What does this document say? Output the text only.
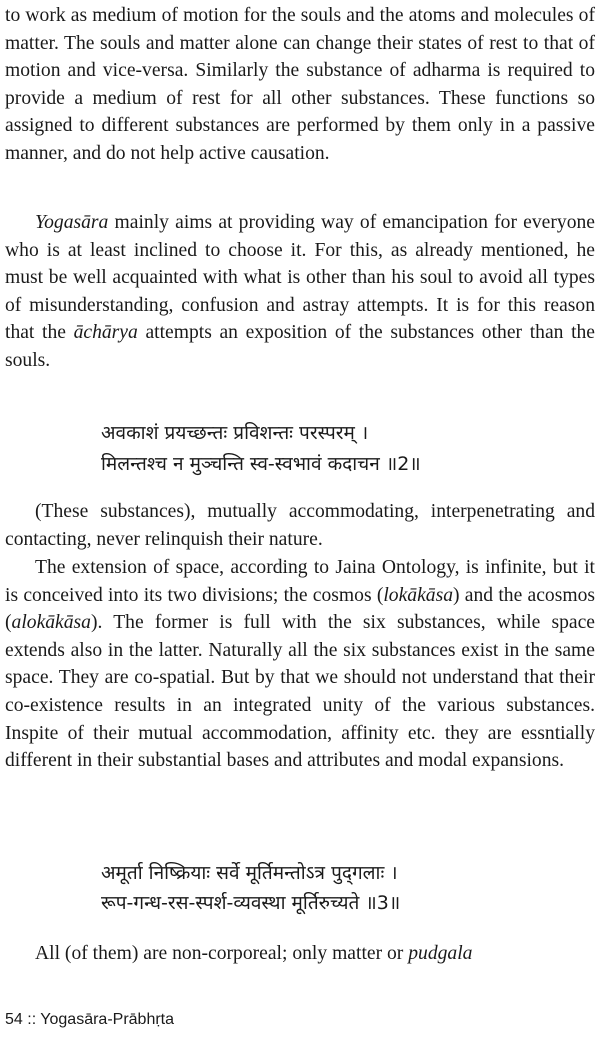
to work as medium of motion for the souls and the atoms and molecules of matter. The souls and matter alone can change their states of rest to that of motion and vice-versa. Similarly the substance of adharma is required to provide a medium of rest for all other substances. These functions so assigned to different substances are performed by them only in a passive manner, and do not help active causation.

Yogasāra mainly aims at providing way of emancipation for everyone who is at least inclined to choose it. For this, as already mentioned, he must be well acquainted with what is other than his soul to avoid all types of misunderstanding, confusion and astray attempts. It is for this reason that the āchārya attempts an exposition of the substances other than the souls.

अवकाशं प्रयच्छन्तः प्रविशन्तः परस्परम् ।
मिलन्तश्च न मुञ्चन्ति स्व-स्वभावं कदाचन ॥2॥

(These substances), mutually accommodating, interpenetrating and contacting, never relinquish their nature.

The extension of space, according to Jaina Ontology, is infinite, but it is conceived into its two divisions; the cosmos (lokākāsa) and the acosmos (alokākāsa). The former is full with the six substances, while space extends also in the latter. Naturally all the six substances exist in the same space. They are co-spatial. But by that we should not understand that their co-existence results in an integrated unity of the various substances. Inspite of their mutual accommodation, affinity etc. they are essntially different in their substantial bases and attributes and modal expansions.

अमूर्ता निष्क्रियाः सर्वे मूर्तिमन्तोऽत्र पुद्‌गलाः ।
रूप-गन्ध-रस-स्पर्श-व्यवस्था मूर्तिरुच्यते ॥3॥

All (of them) are non-corporeal; only matter or pudgala

54 :: Yogasāra-Prābhṛta
